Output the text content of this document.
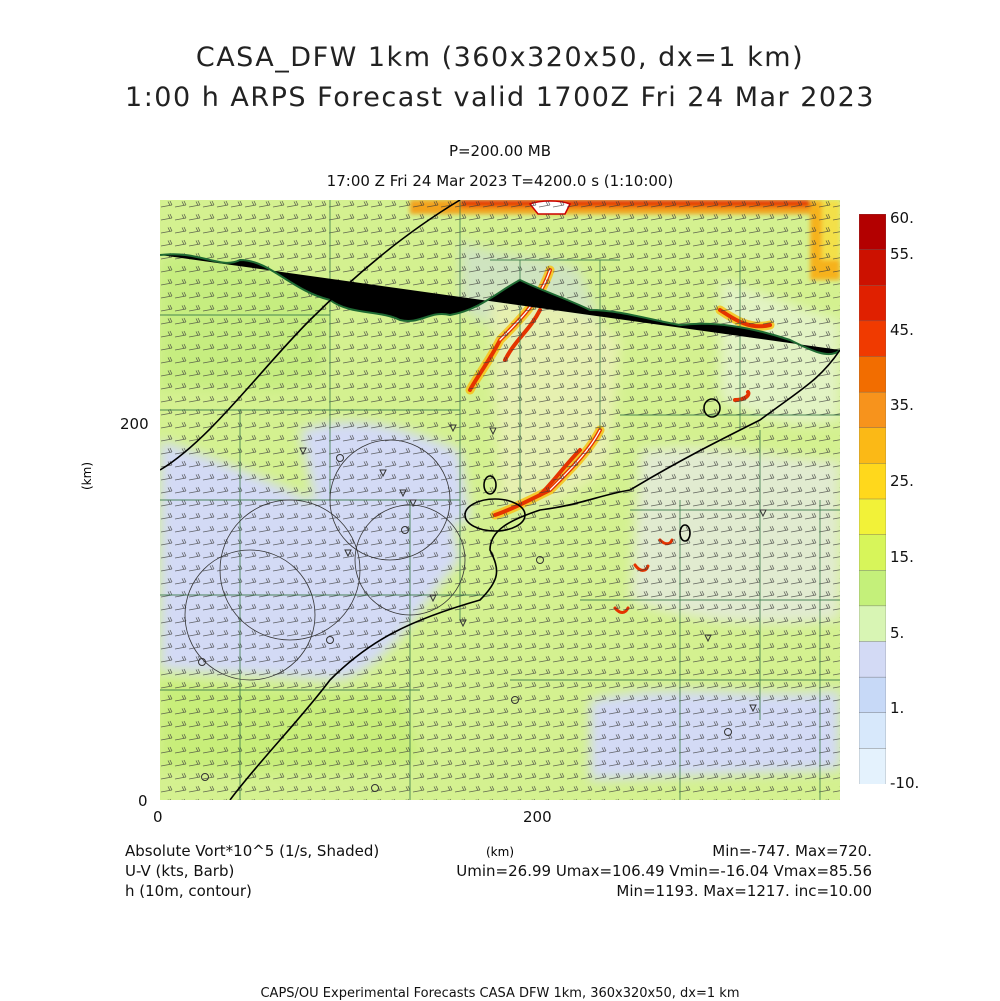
CASA_DFW 1km (360x320x50, dx=1 km)
1:00 h ARPS Forecast valid 1700Z Fri 24 Mar 2023
P=200.00 MB
17:00 Z Fri 24 Mar 2023 T=4200.0 s (1:10:00)
200
0
0	200
(km)
(km)
60.
55.
45.
35.
25.
15.
5.
1.
-10.
Absolute Vort*10^5 (1/s, Shaded)
U-V (kts, Barb)
h (10m, contour)
Min=-747. Max=720.
Umin=26.99 Umax=106.49 Vmin=-16.04 Vmax=85.56
Min=1193. Max=1217. inc=10.00
CAPS/OU Experimental Forecasts CASA DFW 1km, 360x320x50, dx=1 km
